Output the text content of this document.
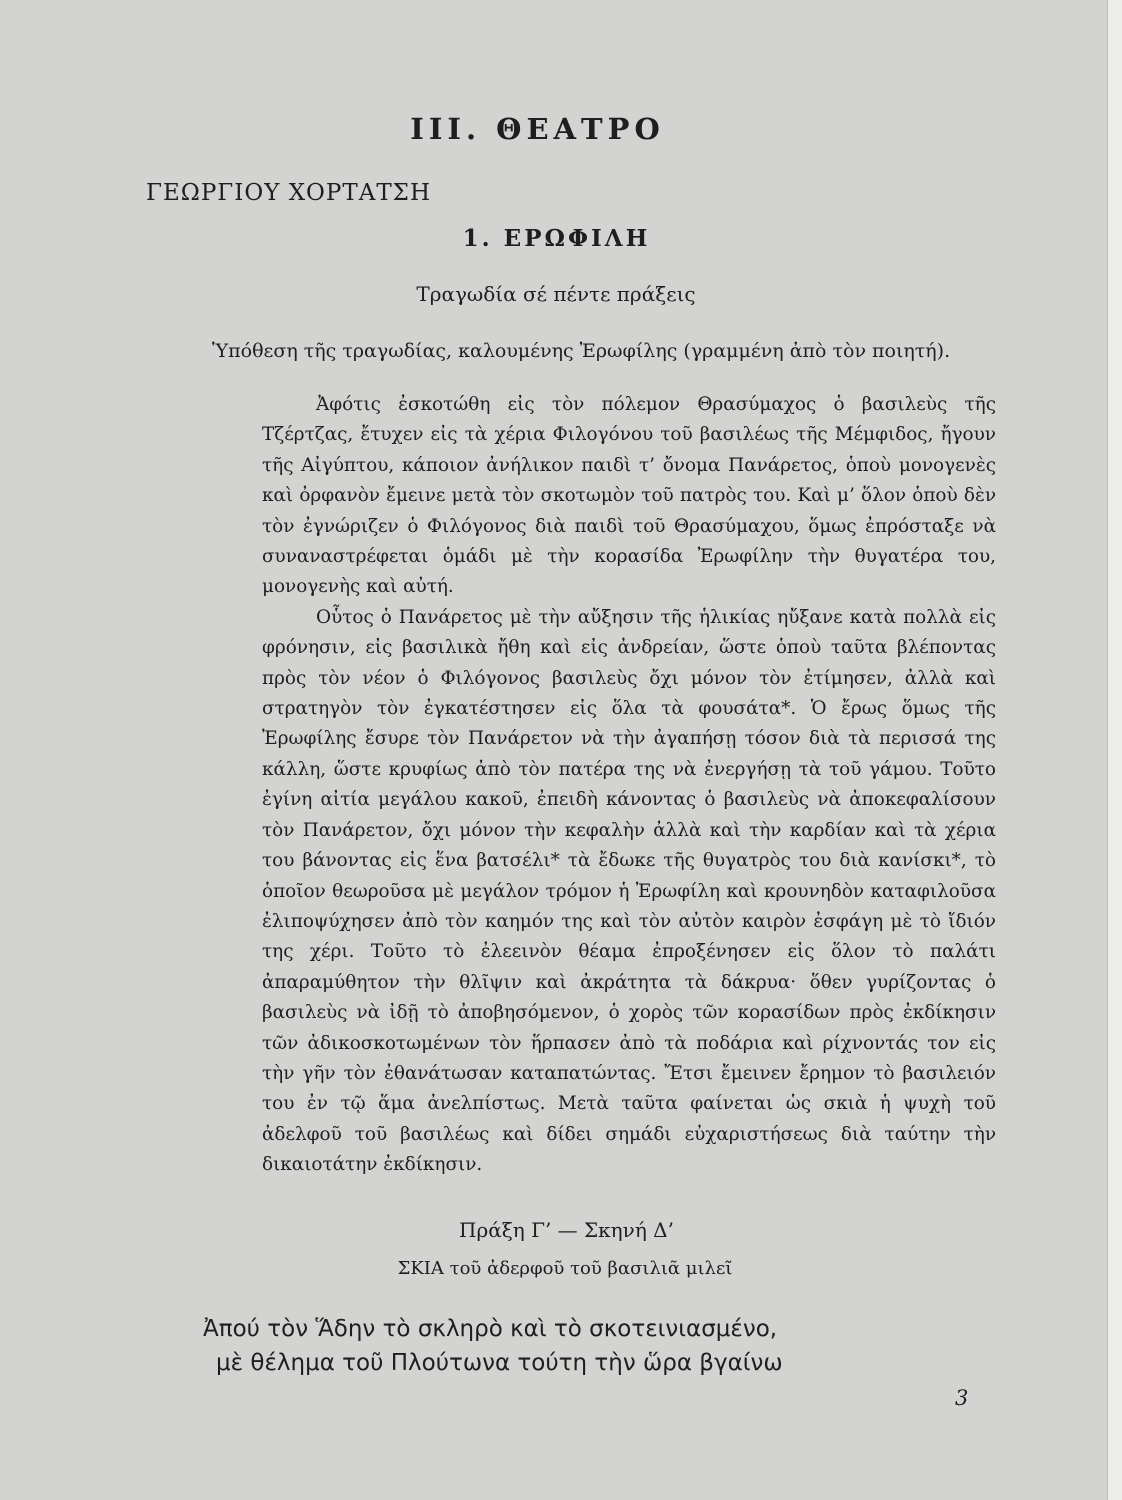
III. ΘΕΑΤΡΟ
ΓΕΩΡΓΙΟΥ ΧΟΡΤΑΤΣΗ
1. ΕΡΩΦΙΛΗ
Τραγωδία σέ πέντε πράξεις
Ὑπόθεση τῆς τραγωδίας, καλουμένης Ἐρωφίλης (γραμμένη ἀπὸ τὸν ποιητή).

Ἀφότις ἐσκοτώθη εἰς τὸν πόλεμον Θρασύμαχος ὁ βασιλεὺς τῆς Τζέρτζας, ἔτυχεν εἰς τὰ χέρια Φιλογόνου τοῦ βασιλέως τῆς Μέμφιδος, ἤγουν τῆς Αἰγύπτου, κάποιον ἀνήλικον παιδὶ τ’ ὄνομα Πανάρετος, ὁποὺ μονογενὲς καὶ ὀρφανὸν ἔμεινε μετὰ τὸν σκοτωμὸν τοῦ πατρὸς του. Καὶ μ’ ὅλον ὁποὺ δὲν τὸν ἐγνώριζεν ὁ Φιλόγονος διὰ παιδὶ τοῦ Θρασύμαχου, ὅμως ἐπρόσταξε νὰ συναναστρέφεται ὁμάδι μὲ τὴν κορασίδα Ἐρωφίλην τὴν θυγατέρα του, μονογενὴς καὶ αὐτή.

Οὗτος ὁ Πανάρετος μὲ τὴν αὔξησιν τῆς ἡλικίας ηὔξανε κατὰ πολλὰ εἰς φρόνησιν, εἰς βασιλικὰ ἤθη καὶ εἰς ἀνδρείαν, ὥστε ὁποὺ ταῦτα βλέποντας πρὸς τὸν νέον ὁ Φιλόγονος βασιλεὺς ὄχι μόνον τὸν ἐτίμησεν, ἀλλὰ καὶ στρατηγὸν τὸν ἐγκατέστησεν εἰς ὅλα τὰ φουσάτα*. Ὁ ἔρως ὅμως τῆς Ἐρωφίλης ἔσυρε τὸν Πανάρετον νὰ τὴν ἀγαπήσῃ τόσον διὰ τὰ περισσά της κάλλη, ὥστε κρυφίως ἀπὸ τὸν πατέρα της νὰ ἐνεργήσῃ τὰ τοῦ γάμου. Τοῦτο ἐγίνη αἰτία μεγάλου κακοῦ, ἐπειδὴ κάνοντας ὁ βασιλεὺς νὰ ἀποκεφαλίσουν τὸν Πανάρετον, ὄχι μόνον τὴν κεφαλὴν ἀλλὰ καὶ τὴν καρδίαν καὶ τὰ χέρια του βάνοντας εἰς ἕνα βατσέλι* τὰ ἔδωκε τῆς θυγατρὸς του διὰ κανίσκι*, τὸ ὁποῖον θεωροῦσα μὲ μεγάλον τρόμον ἡ Ἐρωφίλη καὶ κρουνηδὸν καταφιλοῦσα ἐλιποψύχησεν ἀπὸ τὸν καημόν της καὶ τὸν αὐτὸν καιρὸν ἐσφάγη μὲ τὸ ἴδιόν της χέρι. Τοῦτο τὸ ἐλεεινὸν θέαμα ἐπροξένησεν εἰς ὅλον τὸ παλάτι ἀπαραμύθητον τὴν θλῖψιν καὶ ἀκράτητα τὰ δάκρυα· ὅθεν γυρίζοντας ὁ βασιλεὺς νὰ ἰδῇ τὸ ἀποβησόμενον, ὁ χορὸς τῶν κορασίδων πρὸς ἐκδίκησιν τῶν ἀδικοσκοτωμένων τὸν ἥρπασεν ἀπὸ τὰ ποδάρια καὶ ρίχνοντάς τον εἰς τὴν γῆν τὸν ἐθανάτωσαν καταπατώντας. Ἔτσι ἔμεινεν ἔρημον τὸ βασιλειόν του ἐν τῷ ἅμα ἀνελπίστως. Μετὰ ταῦτα φαίνεται ὡς σκιὰ ἡ ψυχὴ τοῦ ἀδελφοῦ τοῦ βασιλέως καὶ δίδει σημάδι εὐχαριστήσεως διὰ ταύτην τὴν δικαιοτάτην ἐκδίκησιν.

Πράξη Γ’ — Σκηνή Δ’
ΣΚΙΑ τοῦ ἀδερφοῦ τοῦ βασιλιᾶ μιλεῖ
Ἀπού τὸν Ἅδην τὸ σκληρὸ καὶ τὸ σκοτεινιασμένο,
μὲ θέλημα τοῦ Πλούτωνα τούτη τὴν ὥρα βγαίνω
3
